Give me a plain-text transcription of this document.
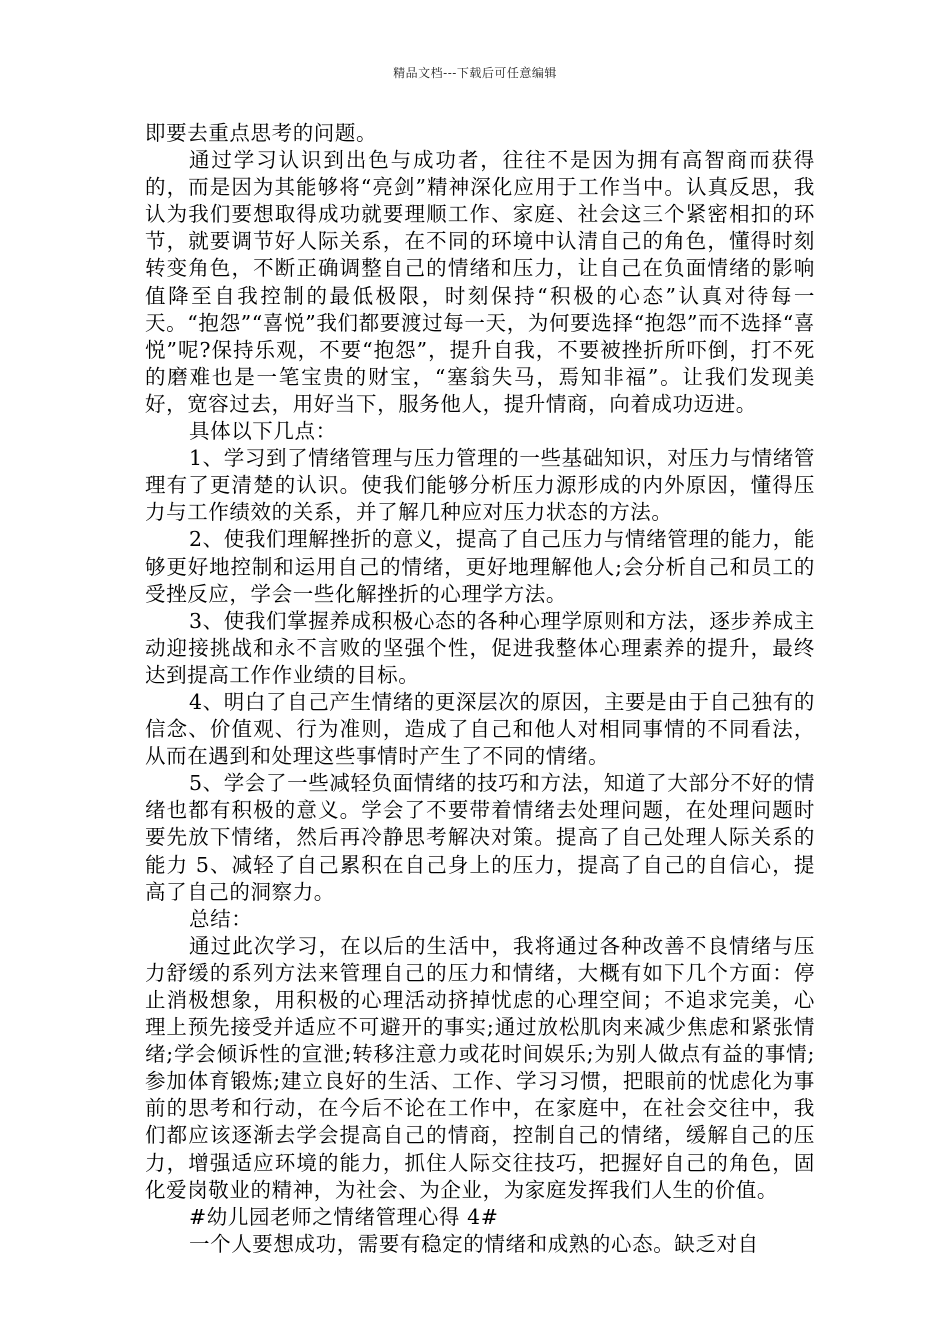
精品文档---下载后可任意编辑

即要去重点思考的问题。

通过学习认识到出色与成功者，往往不是因为拥有高智商而获得的，而是因为其能够将“亮剑”精神深化应用于工作当中。认真反思，我认为我们要想取得成功就要理顺工作、家庭、社会这三个紧密相扣的环节，就要调节好人际关系，在不同的环境中认清自己的角色，懂得时刻转变角色，不断正确调整自己的情绪和压力，让自己在负面情绪的影响值降至自我控制的最低极限，时刻保持“积极的心态”认真对待每一天。“抱怨”“喜悦”我们都要渡过每一天，为何要选择“抱怨”而不选择“喜悦”呢?保持乐观，不要“抱怨”，提升自我，不要被挫折所吓倒，打不死的磨难也是一笔宝贵的财宝，“塞翁失马，焉知非福”。让我们发现美好，宽容过去，用好当下，服务他人，提升情商，向着成功迈进。

具体以下几点：

1、学习到了情绪管理与压力管理的一些基础知识，对压力与情绪管理有了更清楚的认识。使我们能够分析压力源形成的内外原因，懂得压力与工作绩效的关系，并了解几种应对压力状态的方法。

2、使我们理解挫折的意义，提高了自己压力与情绪管理的能力，能够更好地控制和运用自己的情绪，更好地理解他人;会分析自己和员工的受挫反应，学会一些化解挫折的心理学方法。

3、使我们掌握养成积极心态的各种心理学原则和方法，逐步养成主动迎接挑战和永不言败的坚强个性，促进我整体心理素养的提升，最终达到提高工作作业绩的目标。

4、明白了自己产生情绪的更深层次的原因，主要是由于自己独有的信念、价值观、行为准则，造成了自己和他人对相同事情的不同看法，从而在遇到和处理这些事情时产生了不同的情绪。

5、学会了一些减轻负面情绪的技巧和方法，知道了大部分不好的情绪也都有积极的意义。学会了不要带着情绪去处理问题，在处理问题时要先放下情绪，然后再冷静思考解决对策。提高了自己处理人际关系的能力 5、减轻了自己累积在自己身上的压力，提高了自己的自信心，提高了自己的洞察力。

总结：

通过此次学习，在以后的生活中，我将通过各种改善不良情绪与压力舒缓的系列方法来管理自己的压力和情绪，大概有如下几个方面：停止消极想象，用积极的心理活动挤掉忧虑的心理空间；不追求完美，心理上预先接受并适应不可避开的事实;通过放松肌肉来减少焦虑和紧张情绪;学会倾诉性的宣泄;转移注意力或花时间娱乐;为别人做点有益的事情;参加体育锻炼;建立良好的生活、工作、学习习惯，把眼前的忧虑化为事前的思考和行动，在今后不论在工作中，在家庭中，在社会交往中，我们都应该逐渐去学会提高自己的情商，控制自己的情绪，缓解自己的压力，增强适应环境的能力，抓住人际交往技巧，把握好自己的角色，固化爱岗敬业的精神，为社会、为企业，为家庭发挥我们人生的价值。

#幼儿园老师之情绪管理心得 4#

一个人要想成功，需要有稳定的情绪和成熟的心态。缺乏对自
